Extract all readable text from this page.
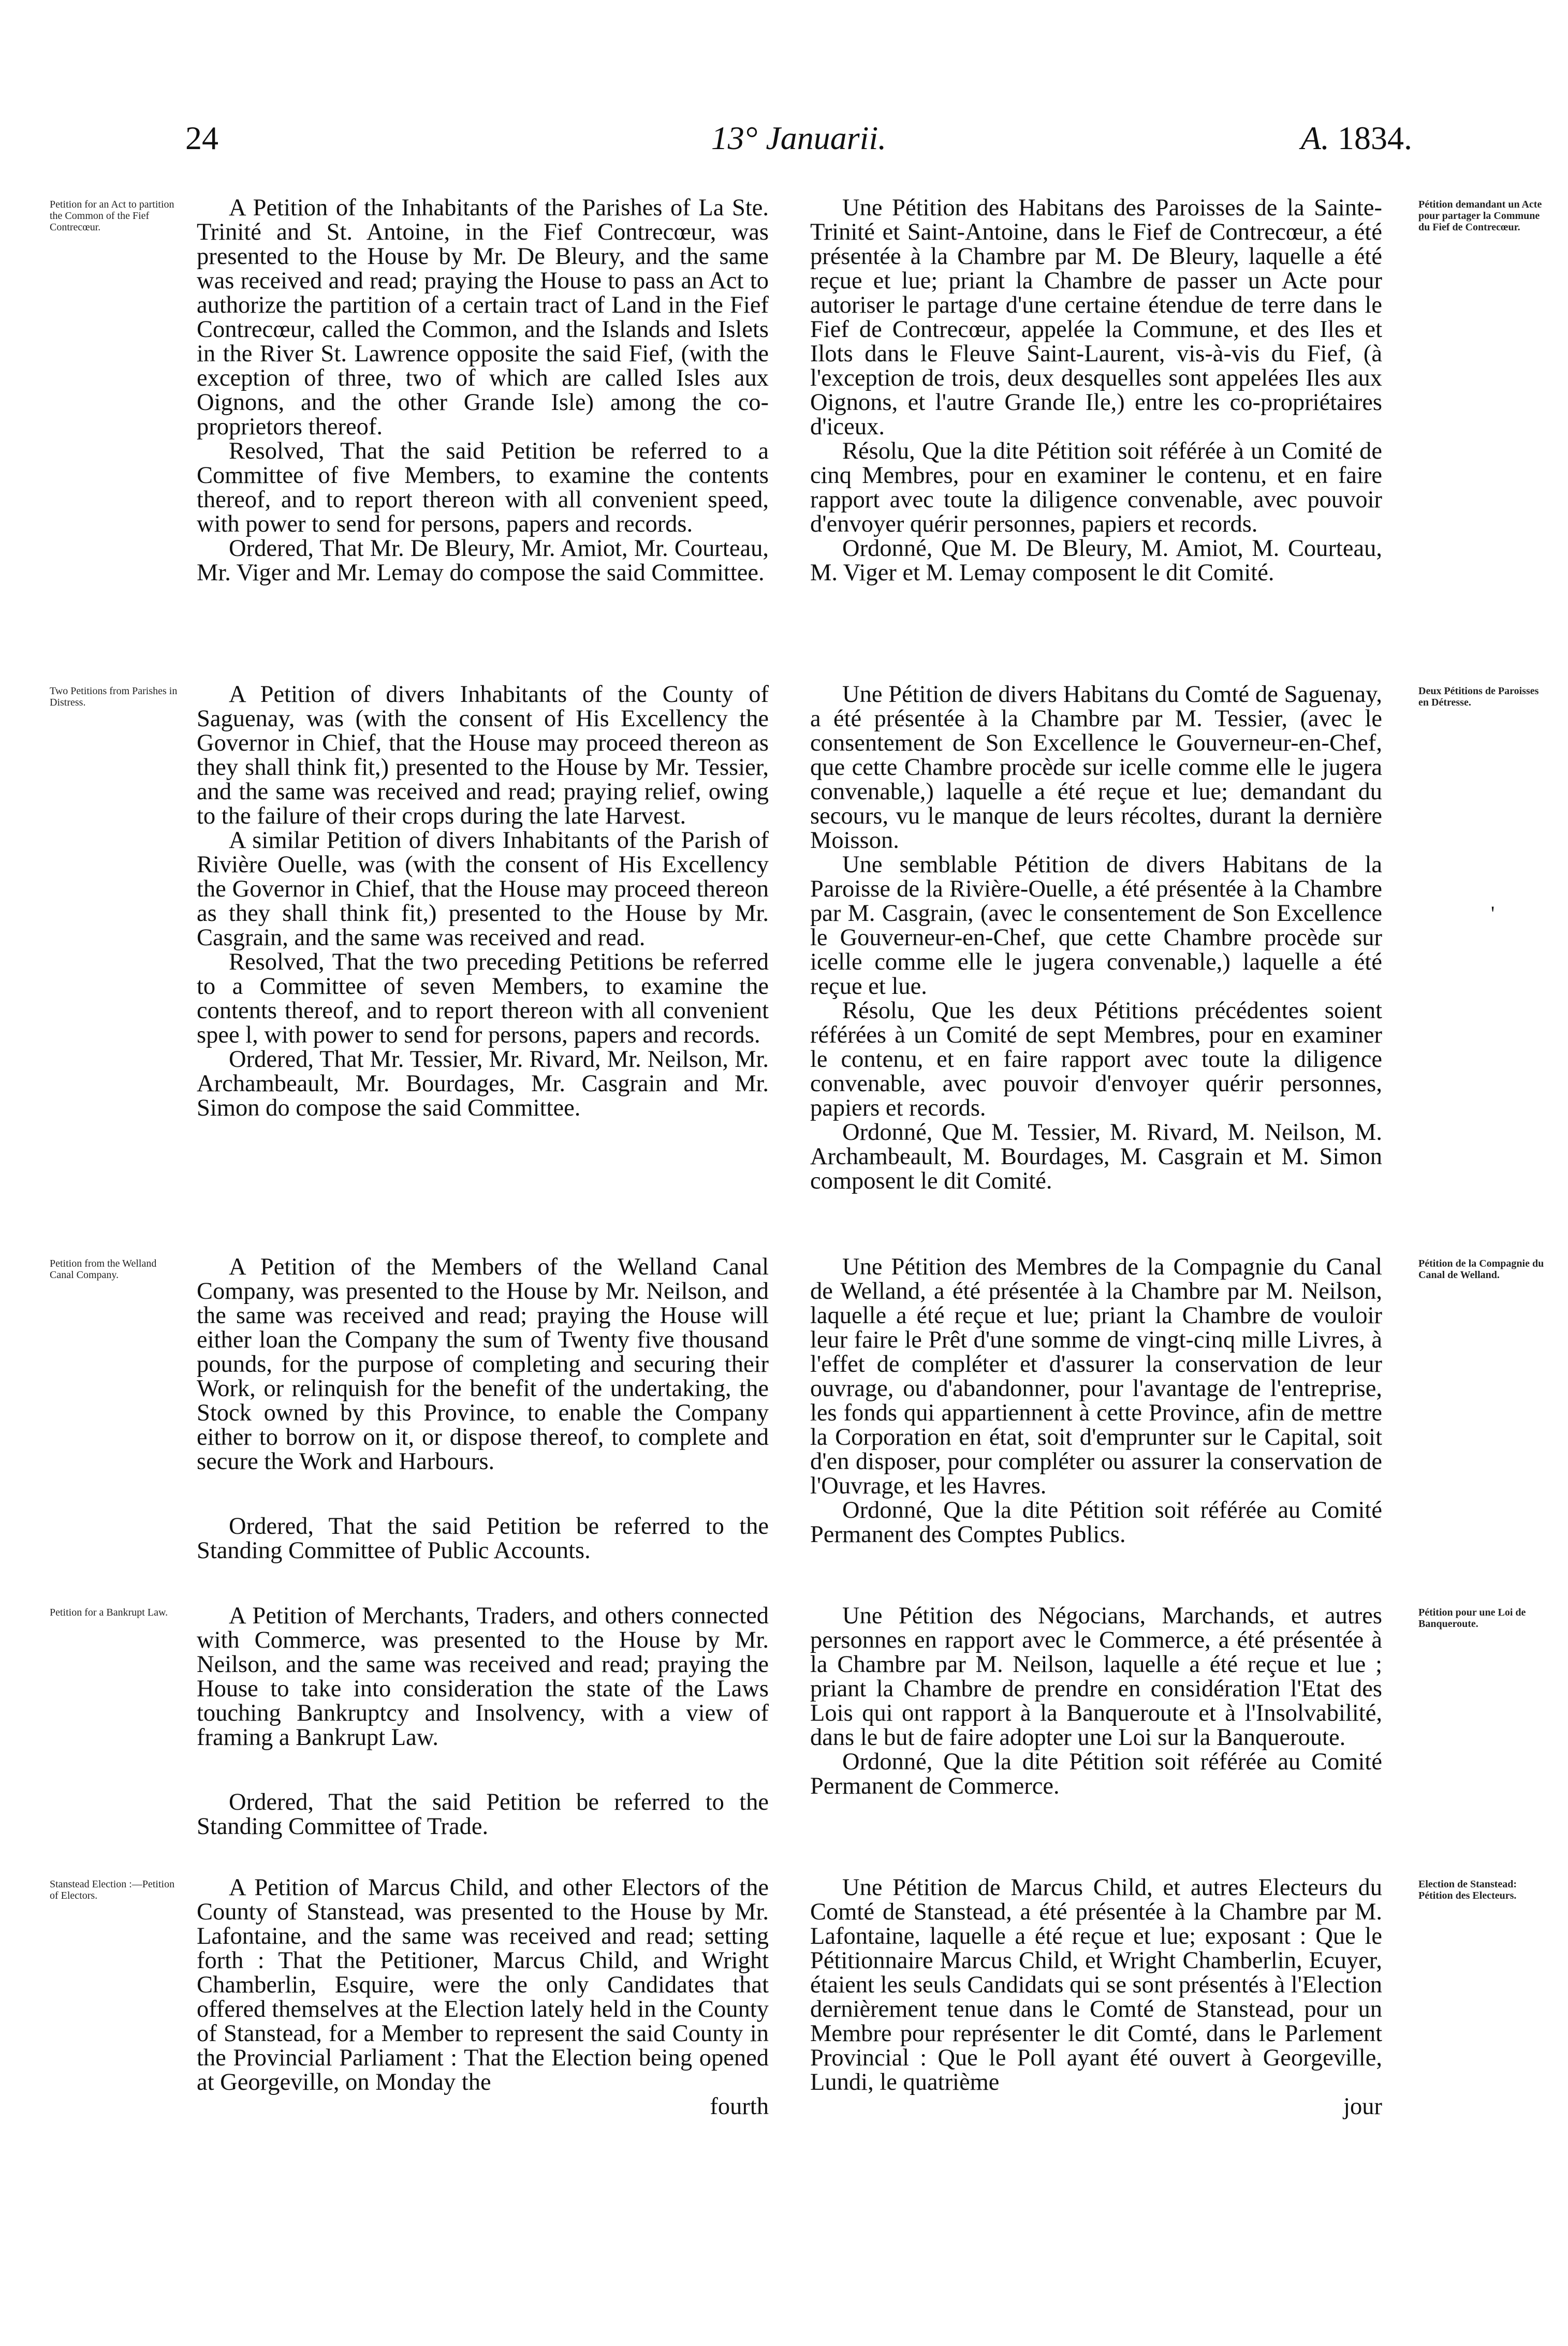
24	13° Januarii.	A. 1834.
Petition for an Act to partition the Common of the Fief Contrecœur.

A Petition of the Inhabitants of the Parishes of La Ste. Trinité and St. Antoine, in the Fief Contrecœur, was presented to the House by Mr. De Bleury, and the same was received and read; praying the House to pass an Act to authorize the partition of a certain tract of Land in the Fief Contrecœur, called the Common, and the Islands and Islets in the River St. Lawrence opposite the said Fief, (with the exception of three, two of which are called Isles aux Oignons, and the other Grande Isle) among the co-proprietors thereof.

Resolved, That the said Petition be referred to a Committee of five Members, to examine the contents thereof, and to report thereon with all convenient speed, with power to send for persons, papers and records.

Ordered, That Mr. De Bleury, Mr. Amiot, Mr. Courteau, Mr. Viger and Mr. Lemay do compose the said Committee.

Une Pétition des Habitans des Paroisses de la Sainte-Trinité et Saint-Antoine, dans le Fief de Contrecœur, a été présentée à la Chambre par M. De Bleury, laquelle a été reçue et lue; priant la Chambre de passer un Acte pour autoriser le partage d'une certaine étendue de terre dans le Fief de Contrecœur, appelée la Commune, et des Iles et Ilots dans le Fleuve Saint-Laurent, vis-à-vis du Fief, (à l'exception de trois, deux desquelles sont appelées Iles aux Oignons, et l'autre Grande Ile,) entre les co-propriétaires d'iceux.

Résolu, Que la dite Pétition soit référée à un Comité de cinq Membres, pour en examiner le contenu, et en faire rapport avec toute la diligence convenable, avec pouvoir d'envoyer quérir personnes, papiers et records.

Ordonné, Que M. De Bleury, M. Amiot, M. Courteau, M. Viger et M. Lemay composent le dit Comité.

Pétition demandant un Acte pour partager la Commune du Fief de Contrecœur.
Two Petitions from Parishes in Distress.	A Petition of divers Inhabitants of the County of Saguenay, was (with the consent of His Excellency the Governor in Chief, that the House may proceed thereon as they shall think fit,) presented to the House by Mr. Tessier, and the same was received and read; praying relief, owing to the failure of their crops during the late Harvest.

A similar Petition of divers Inhabitants of the Parish of Rivière Ouelle, was (with the consent of His Excellency the Governor in Chief, that the House may proceed thereon as they shall think fit,) presented to the House by Mr. Casgrain, and the same was received and read.

Resolved, That the two preceding Petitions be referred to a Committee of seven Members, to examine the contents thereof, and to report thereon with all convenient spee l, with power to send for persons, papers and records.

Ordered, That Mr. Tessier, Mr. Rivard, Mr. Neilson, Mr. Archambeault, Mr. Bourdages, Mr. Casgrain and Mr. Simon do compose the said Committee.

Une Pétition de divers Habitans du Comté de Saguenay, a été présentée à la Chambre par M. Tessier, (avec le consentement de Son Excellence le Gouverneur-en-Chef, que cette Chambre procède sur icelle comme elle le jugera convenable,) laquelle a été reçue et lue; demandant du secours, vu le manque de leurs récoltes, durant la dernière Moisson.

Une semblable Pétition de divers Habitans de la Paroisse de la Rivière-Ouelle, a été présentée à la Chambre par M. Casgrain, (avec le consentement de Son Excellence le Gouverneur-en-Chef, que cette Chambre procède sur icelle comme elle le jugera convenable,) laquelle a été reçue et lue.

Résolu, Que les deux Pétitions précédentes soient référées à un Comité de sept Membres, pour en examiner le contenu, et en faire rapport avec toute la diligence convenable, avec pouvoir d'envoyer quérir personnes, papiers et records.

Ordonné, Que M. Tessier, M. Rivard, M. Neilson, M. Archambeault, M. Bourdages, M. Casgrain et M. Simon composent le dit Comité.

Deux Pétitions de Paroisses en Détresse.
'
Petition from the Welland Canal Company.	A Petition of the Members of the Welland Canal Company, was presented to the House by Mr. Neilson, and the same was received and read; praying the House will either loan the Company the sum of Twenty five thousand pounds, for the purpose of completing and securing their Work, or relinquish for the benefit of the undertaking, the Stock owned by this Province, to enable the Company either to borrow on it, or dispose thereof, to complete and secure the Work and Harbours.

Ordered, That the said Petition be referred to the Standing Committee of Public Accounts.

Une Pétition des Membres de la Compagnie du Canal de Welland, a été présentée à la Chambre par M. Neilson, laquelle a été reçue et lue; priant la Chambre de vouloir leur faire le Prêt d'une somme de vingt-cinq mille Livres, à l'effet de compléter et d'assurer la conservation de leur ouvrage, ou d'abandonner, pour l'avantage de l'entreprise, les fonds qui appartiennent à cette Province, afin de mettre la Corporation en état, soit d'emprunter sur le Capital, soit d'en disposer, pour compléter ou assurer la conservation de l'Ouvrage, et les Havres.

Ordonné, Que la dite Pétition soit référée au Comité Permanent des Comptes Publics.

Pétition de la Compagnie du Canal de Welland.
Petition for a Bankrupt Law.	A Petition of Merchants, Traders, and others connected with Commerce, was presented to the House by Mr. Neilson, and the same was received and read; praying the House to take into consideration the state of the Laws touching Bankruptcy and Insolvency, with a view of framing a Bankrupt Law.

Ordered, That the said Petition be referred to the Standing Committee of Trade.

Une Pétition des Négocians, Marchands, et autres personnes en rapport avec le Commerce, a été présentée à la Chambre par M. Neilson, laquelle a été reçue et lue ; priant la Chambre de prendre en considération l'Etat des Lois qui ont rapport à la Banqueroute et à l'Insolvabilité, dans le but de faire adopter une Loi sur la Banqueroute.

Ordonné, Que la dite Pétition soit référée au Comité Permanent de Commerce.

Pétition pour une Loi de Banqueroute.
Stanstead Election :—Petition of Electors.	A Petition of Marcus Child, and other Electors of the County of Stanstead, was presented to the House by Mr. Lafontaine, and the same was received and read; setting forth : That the Petitioner, Marcus Child, and Wright Chamberlin, Esquire, were the only Candidates that offered themselves at the Election lately held in the County of Stanstead, for a Member to represent the said County in the Provincial Parliament : That the Election being opened at Georgeville, on Monday the

fourth

Une Pétition de Marcus Child, et autres Electeurs du Comté de Stanstead, a été présentée à la Chambre par M. Lafontaine, laquelle a été reçue et lue; exposant : Que le Pétitionnaire Marcus Child, et Wright Chamberlin, Ecuyer, étaient les seuls Candidats qui se sont présentés à l'Election dernièrement tenue dans le Comté de Stanstead, pour un Membre pour représenter le dit Comté, dans le Parlement Provincial : Que le Poll ayant été ouvert à Georgeville, Lundi, le quatrième

jour

Election de Stanstead: Pétition des Electeurs.
